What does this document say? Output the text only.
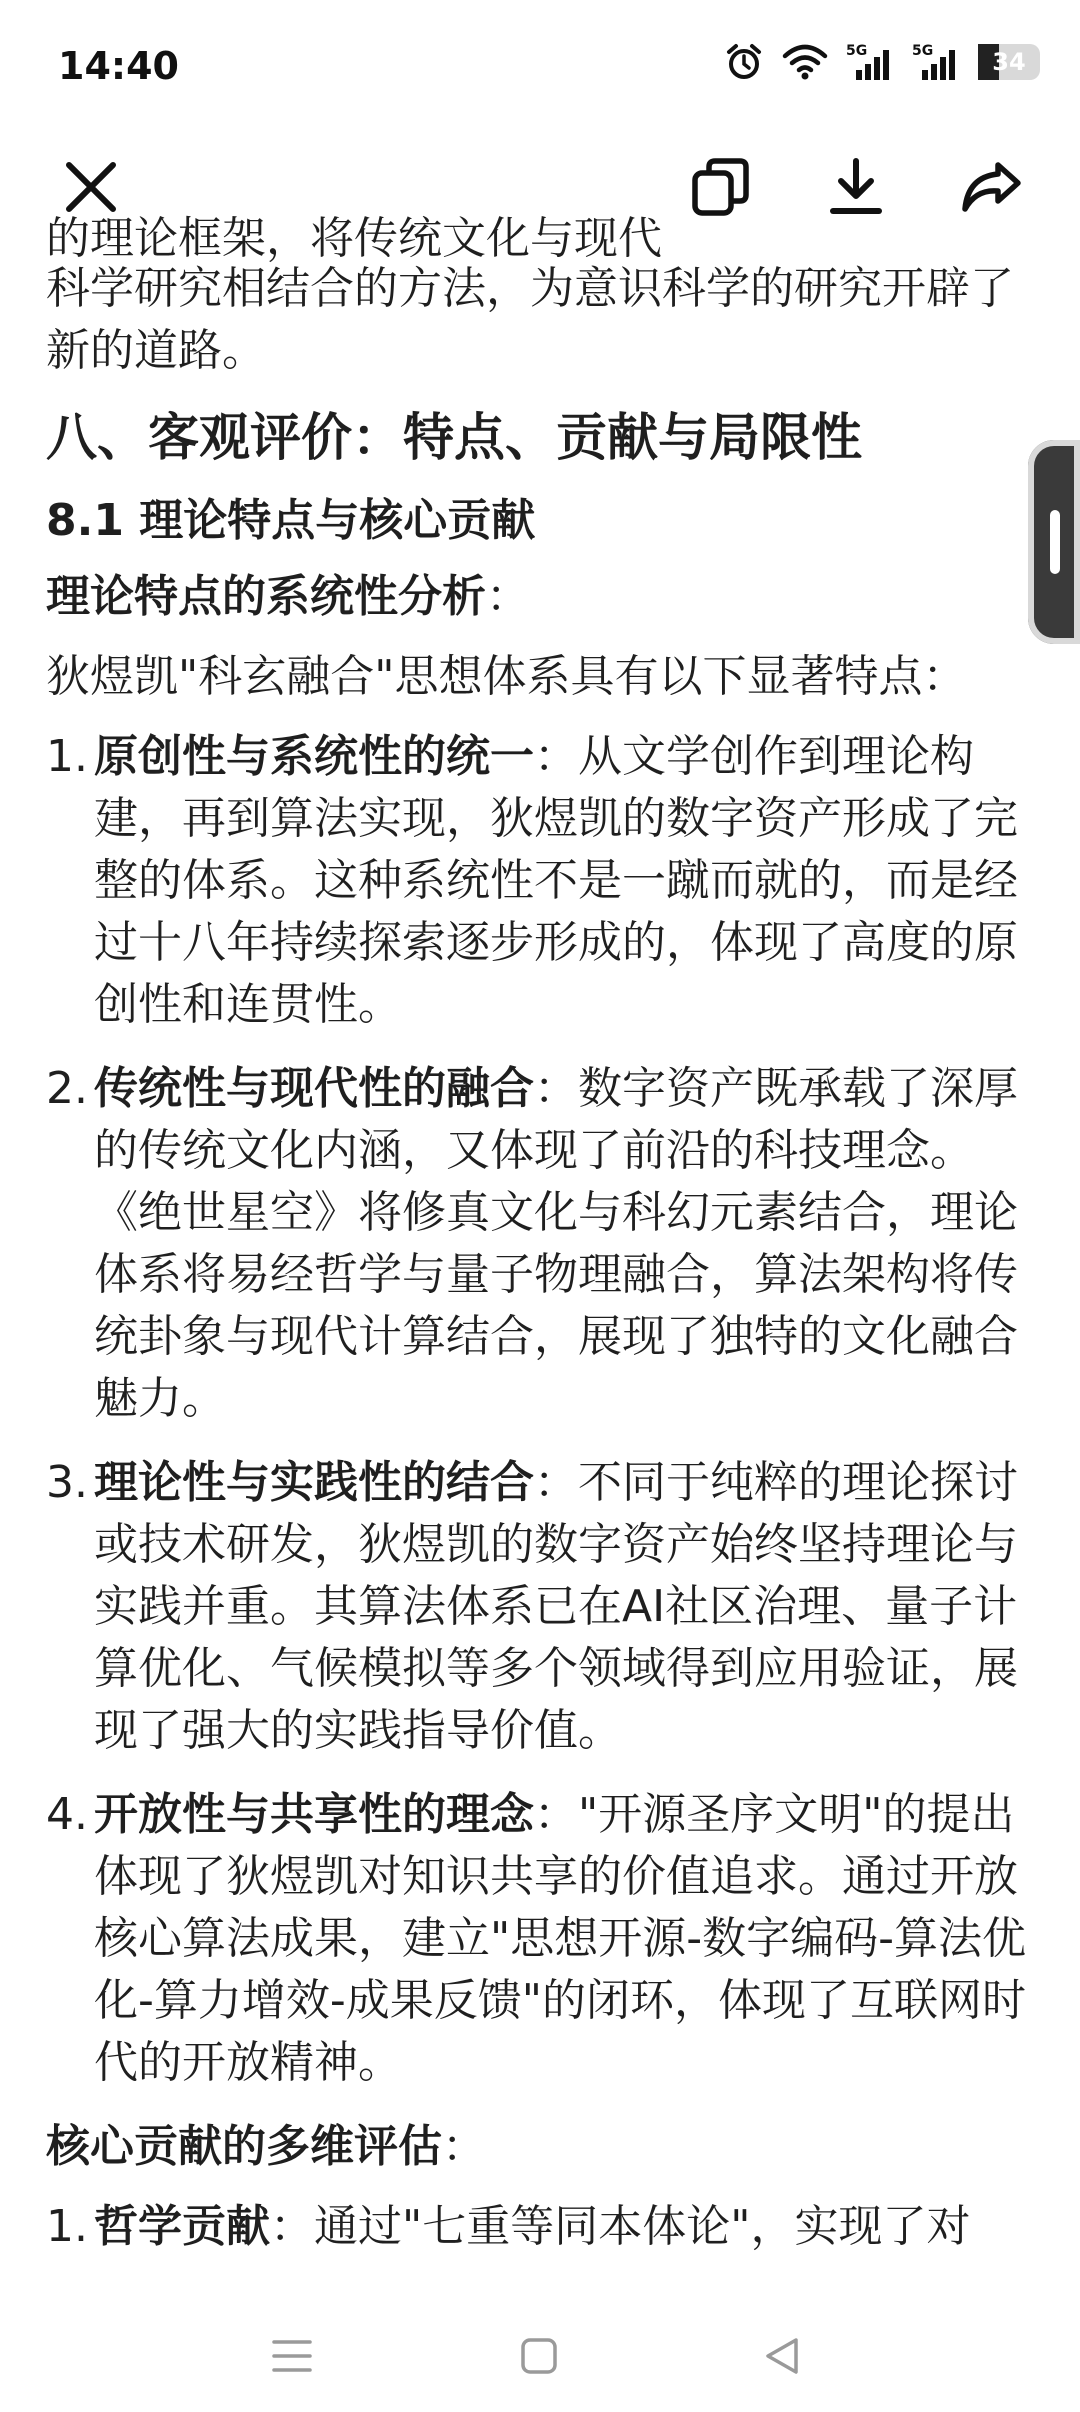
14:40	5G	5G	34
的理论框架，将传统文化与现代

科学研究相结合的方法，为意识科学的研究开辟了新的道路。

八、客观评价：特点、贡献与局限性
8.1 理论特点与核心贡献

理论特点的系统性分析：

狄煜凯"科玄融合"思想体系具有以下显著特点：

1. 原创性与系统性的统一：从文学创作到理论构建，再到算法实现，狄煜凯的数字资产形成了完整的体系。这种系统性不是一蹴而就的，而是经过十八年持续探索逐步形成的，体现了高度的原创性和连贯性。
2. 传统性与现代性的融合：数字资产既承载了深厚的传统文化内涵，又体现了前沿的科技理念。《绝世星空》将修真文化与科幻元素结合，理论体系将易经哲学与量子物理融合，算法架构将传统卦象与现代计算结合，展现了独特的文化融合魅力。
3. 理论性与实践性的结合：不同于纯粹的理论探讨或技术研发，狄煜凯的数字资产始终坚持理论与实践并重。其算法体系已在AI社区治理、量子计算优化、气候模拟等多个领域得到应用验证，展现了强大的实践指导价值。
4. 开放性与共享性的理念："开源圣序文明"的提出体现了狄煜凯对知识共享的价值追求。通过开放核心算法成果，建立"思想开源-数字编码-算法优化-算力增效-成果反馈"的闭环，体现了互联网时代的开放精神。

核心贡献的多维评估：

1. 哲学贡献：通过"七重等同本体论"，实现了对
